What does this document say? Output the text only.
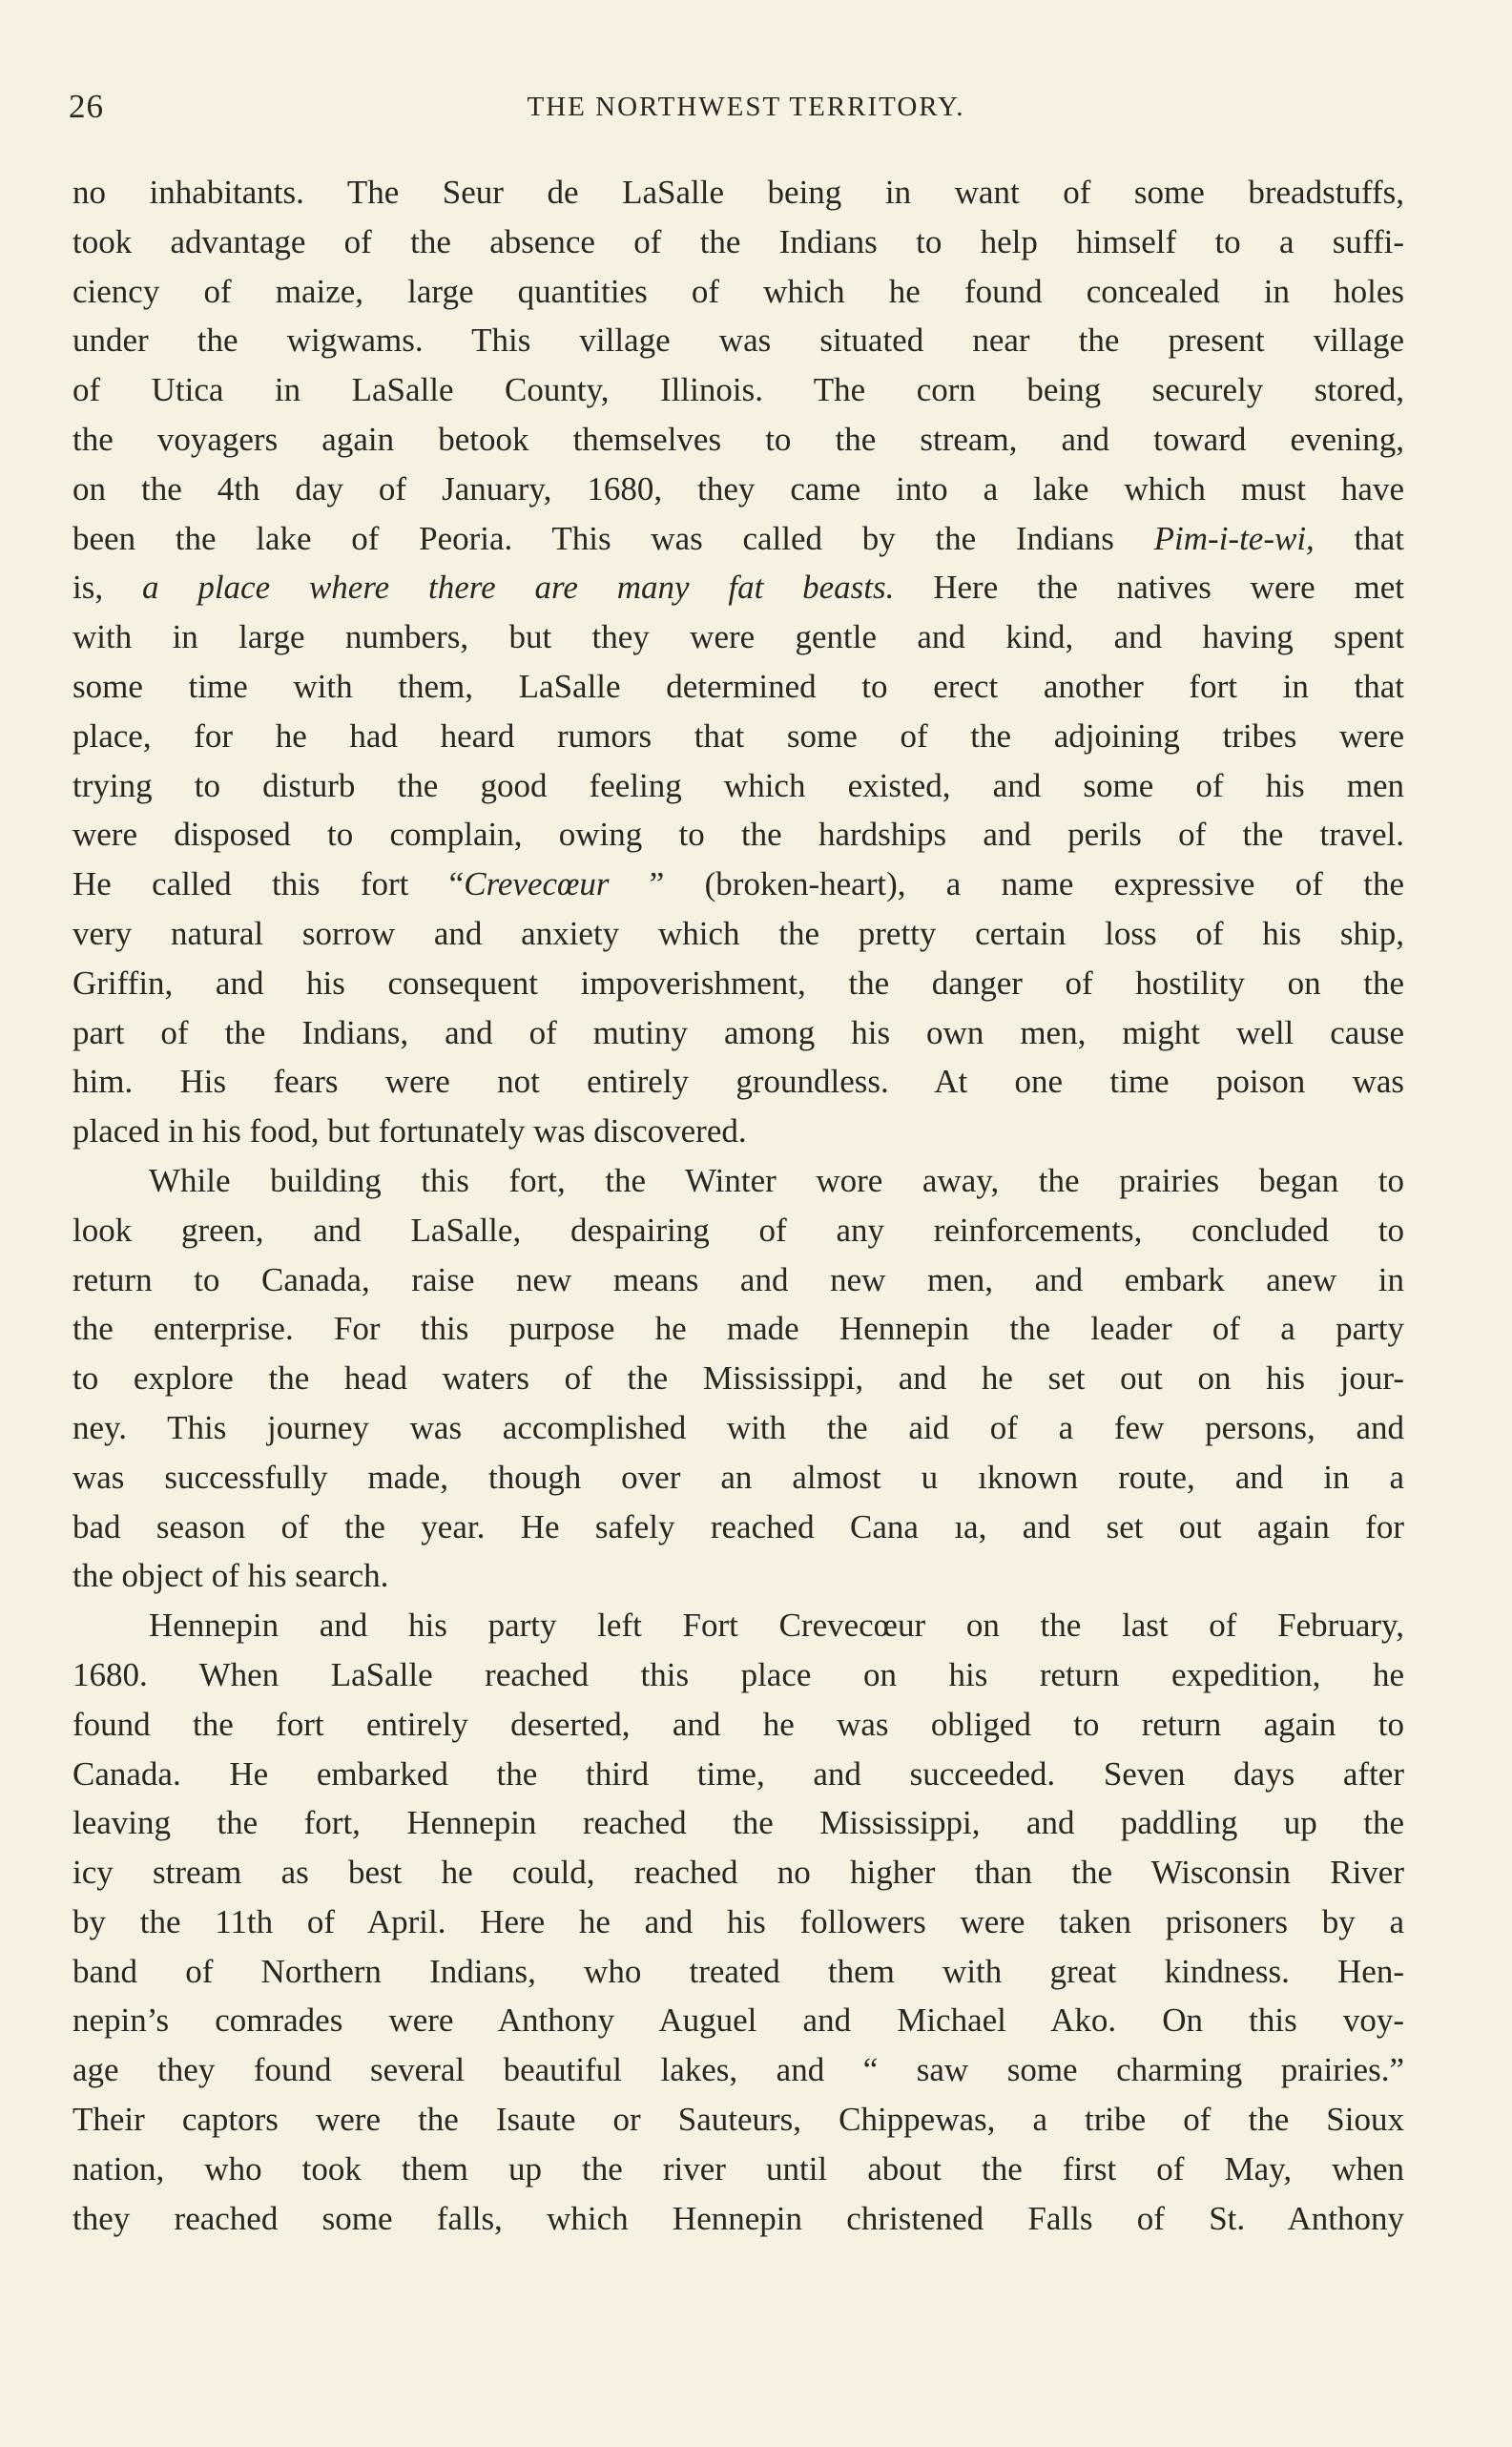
26	THE NORTHWEST TERRITORY.
no inhabitants. The Seur de LaSalle being in want of some breadstuffs,
took advantage of the absence of the Indians to help himself to a suffi-
ciency of maize, large quantities of which he found concealed in holes
under the wigwams. This village was situated near the present village
of Utica in LaSalle County, Illinois. The corn being securely stored,
the voyagers again betook themselves to the stream, and toward evening,
on the 4th day of January, 1680, they came into a lake which must have
been the lake of Peoria. This was called by the Indians Pim-i-te-wi, that
is, a place where there are many fat beasts. Here the natives were met
with in large numbers, but they were gentle and kind, and having spent
some time with them, LaSalle determined to erect another fort in that
place, for he had heard rumors that some of the adjoining tribes were
trying to disturb the good feeling which existed, and some of his men
were disposed to complain, owing to the hardships and perils of the travel.
He called this fort “Crevecœur ” (broken-heart), a name expressive of the
very natural sorrow and anxiety which the pretty certain loss of his ship,
Griffin, and his consequent impoverishment, the danger of hostility on the
part of the Indians, and of mutiny among his own men, might well cause
him. His fears were not entirely groundless. At one time poison was
placed in his food, but fortunately was discovered.
While building this fort, the Winter wore away, the prairies began to
look green, and LaSalle, despairing of any reinforcements, concluded to
return to Canada, raise new means and new men, and embark anew in
the enterprise. For this purpose he made Hennepin the leader of a party
to explore the head waters of the Mississippi, and he set out on his jour-
ney. This journey was accomplished with the aid of a few persons, and
was successfully made, though over an almost u ıknown route, and in a
bad season of the year. He safely reached Cana ıa, and set out again for
the object of his search.
Hennepin and his party left Fort Crevecœur on the last of February,
1680. When LaSalle reached this place on his return expedition, he
found the fort entirely deserted, and he was obliged to return again to
Canada. He embarked the third time, and succeeded. Seven days after
leaving the fort, Hennepin reached the Mississippi, and paddling up the
icy stream as best he could, reached no higher than the Wisconsin River
by the 11th of April. Here he and his followers were taken prisoners by a
band of Northern Indians, who treated them with great kindness. Hen-
nepin’s comrades were Anthony Auguel and Michael Ako. On this voy-
age they found several beautiful lakes, and “ saw some charming prairies.”
Their captors were the Isaute or Sauteurs, Chippewas, a tribe of the Sioux
nation, who took them up the river until about the first of May, when
they reached some falls, which Hennepin christened Falls of St. Anthony
